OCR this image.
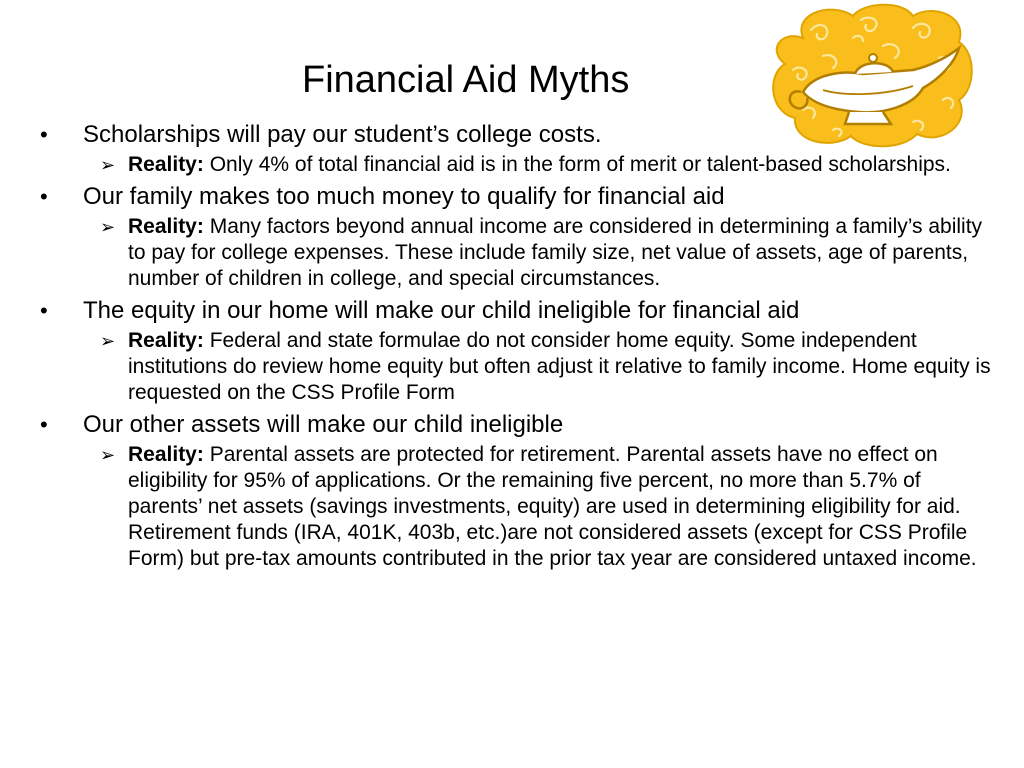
Financial Aid Myths
• Scholarships will pay our student’s college costs.
➢ Reality: Only 4% of total financial aid is in the form of merit or talent-based scholarships.
• Our family makes too much money to qualify for financial aid
➢ Reality: Many factors beyond annual income are considered in determining a family’s ability to pay for college expenses. These include family size, net value of assets, age of parents, number of children in college, and special circumstances.
• The equity in our home will make our child ineligible for financial aid
➢ Reality: Federal and state formulae do not consider home equity. Some independent institutions do review home equity but often adjust it relative to family income. Home equity is requested on the CSS Profile Form
• Our other assets will make our child ineligible
➢ Reality: Parental assets are protected for retirement. Parental assets have no effect on eligibility for 95% of applications. Or the remaining five percent, no more than 5.7% of parents’ net assets (savings investments, equity) are used in determining eligibility for aid. Retirement funds (IRA, 401K, 403b, etc.)are not considered assets (except for CSS Profile Form) but pre-tax amounts contributed in the prior tax year are considered untaxed income.
